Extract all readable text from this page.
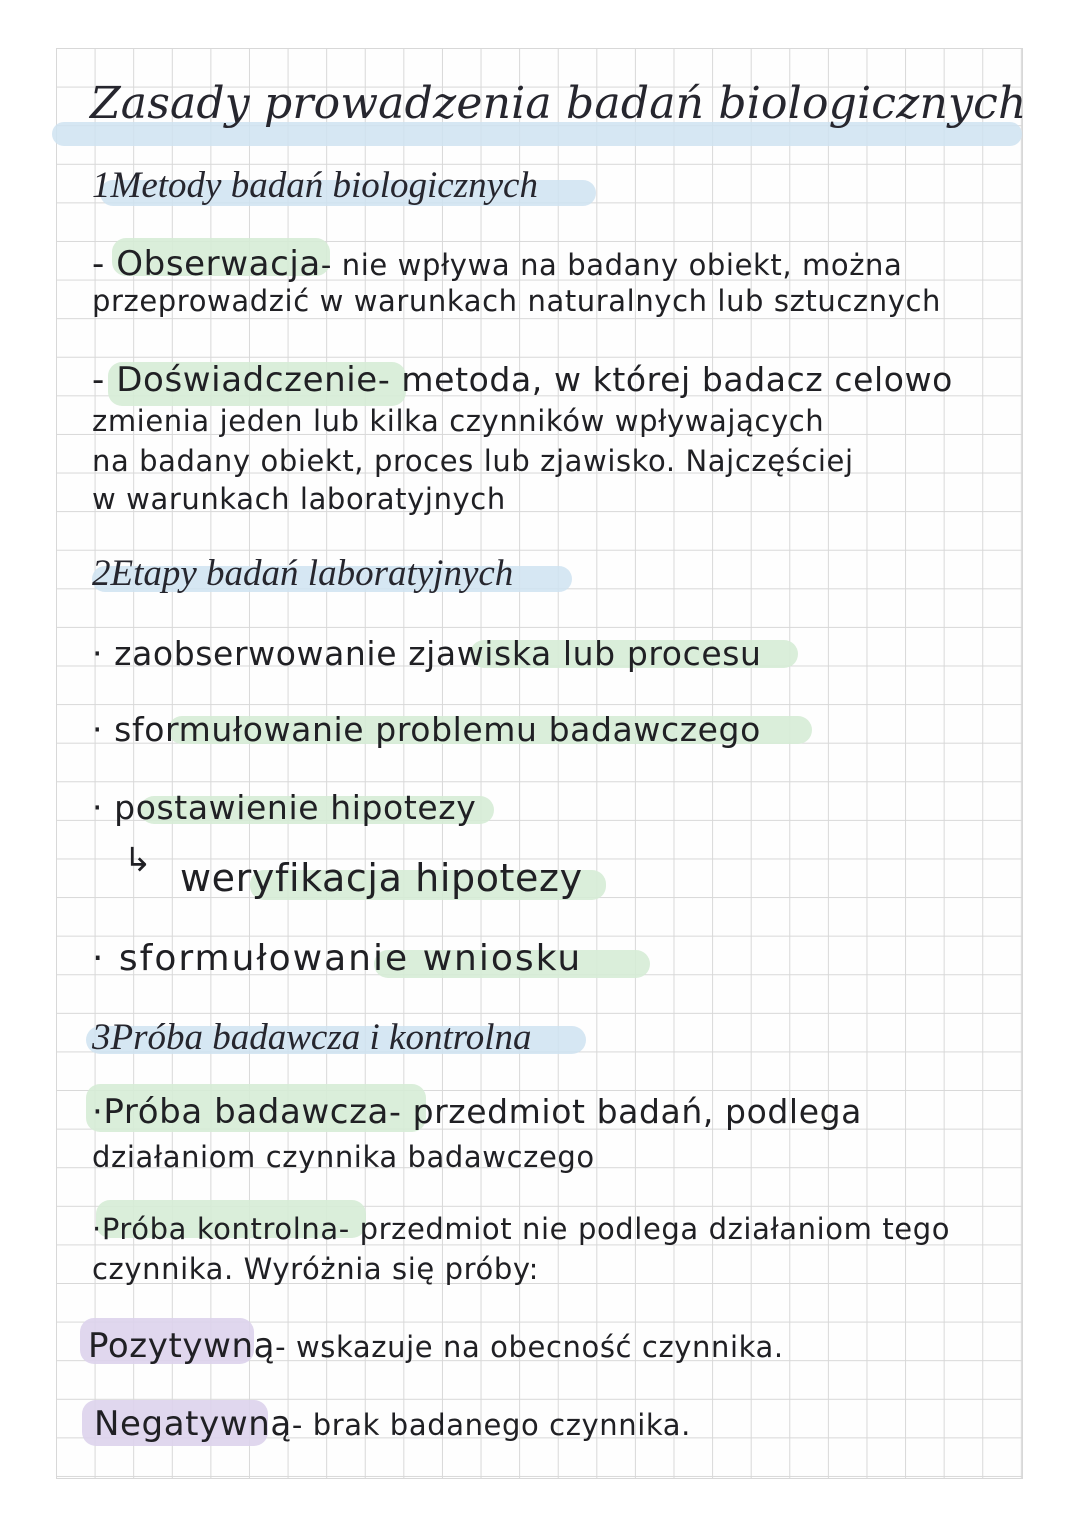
Zasady prowadzenia badań biologicznych
1Metody badań biologicznych
- Obserwacja- nie wpływa na badany obiekt, można
przeprowadzić w warunkach naturalnych lub sztucznych
- Doświadczenie- metoda, w której badacz celowo
zmienia jeden lub kilka czynników wpływających
na badany obiekt, proces lub zjawisko. Najczęściej
w warunkach laboratyjnych
2Etapy badań laboratyjnych
· zaobserwowanie zjawiska lub procesu
· sformułowanie problemu badawczego
· postawienie hipotezy
↳ weryfikacja hipotezy
· sformułowanie wniosku
3Próba badawcza i kontrolna
·Próba badawcza- przedmiot badań, podlega
działaniom czynnika badawczego
·Próba kontrolna- przedmiot nie podlega działaniom tego
czynnika. Wyróżnia się próby:
Pozytywną- wskazuje na obecność czynnika.
Negatywną- brak badanego czynnika.
